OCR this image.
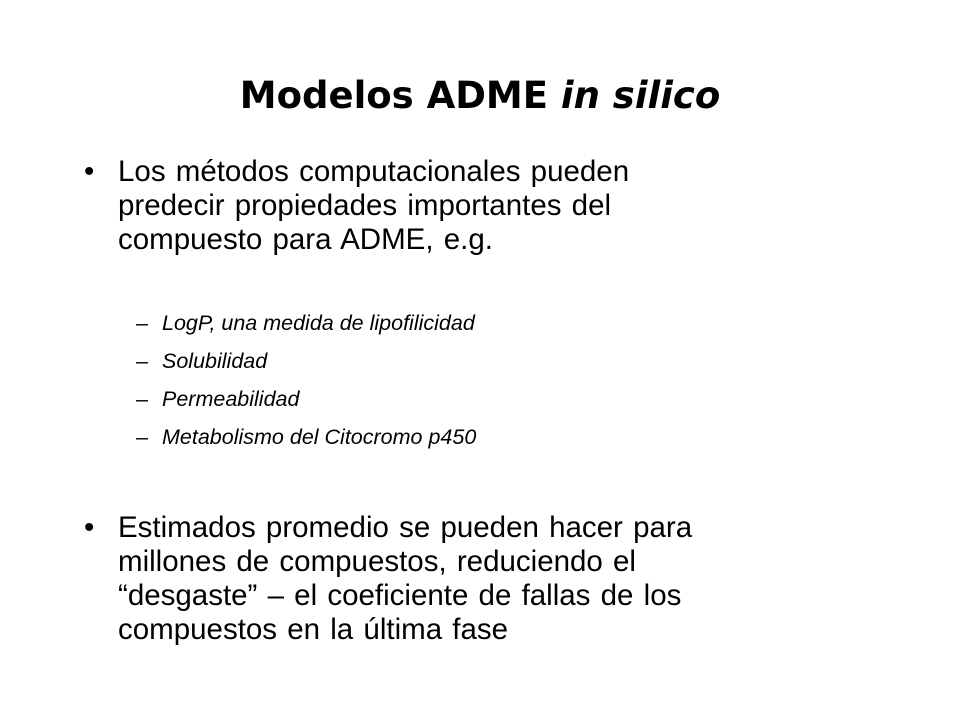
Modelos ADME in silico
• Los métodos computacionales pueden
predecir propiedades importantes del
compuesto para ADME, e.g.
– LogP, una medida de lipofilicidad
– Solubilidad
– Permeabilidad
– Metabolismo del Citocromo p450
• Estimados promedio se pueden hacer para
millones de compuestos, reduciendo el
“desgaste” – el coeficiente de fallas de los
compuestos en la última fase
